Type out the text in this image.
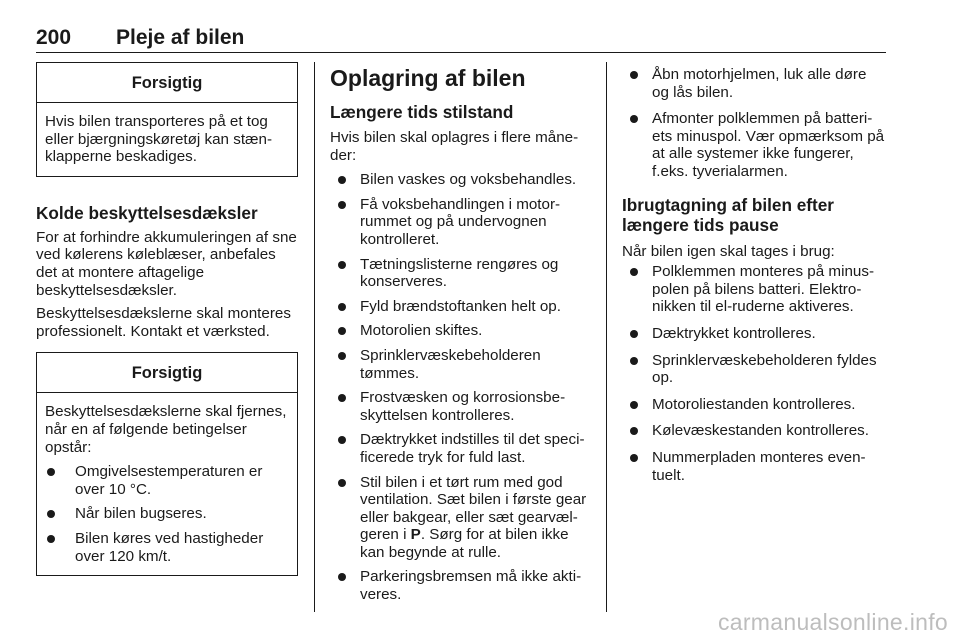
200 Pleje af bilen
Forsigtig

Hvis bilen transporteres på et tog eller bjærgningskøretøj kan stænklapperne beskadiges.

Kolde beskyttelsesdæksler

For at forhindre akkumuleringen af sne ved kølerens køleblæser, anbefales det at montere aftagelige beskyttelsesdæksler.

Beskyttelsesdækslerne skal monteres professionelt. Kontakt et værksted.

Forsigtig

Beskyttelsesdækslerne skal fjernes, når en af følgende betingelser opstår:

Omgivelsestemperaturen er over 10 °C.
Når bilen bugseres.
Bilen køres ved hastigheder over 120 km/t.
Oplagring af bilen
Længere tids stilstand

Hvis bilen skal oplagres i flere måneder:

Bilen vaskes og voksbehandles.
Få voksbehandlingen i motorrummet og på undervognen kontrolleret.
Tætningslisterne rengøres og konserveres.
Fyld brændstoftanken helt op.
Motorolien skiftes.
Sprinklervæskebeholderen tømmes.
Frostvæsken og korrosionsbeskyttelsen kontrolleres.
Dæktrykket indstilles til det specificerede tryk for fuld last.
Stil bilen i et tørt rum med god ventilation. Sæt bilen i første gear eller bakgear, eller sæt gearvælgeren i P. Sørg for at bilen ikke kan begynde at rulle.
Parkeringsbremsen må ikke aktiveres.
Åbn motorhjelmen, luk alle døre og lås bilen.
Afmonter polklemmen på batteriets minuspol. Vær opmærksom på at alle systemer ikke fungerer, f.eks. tyverialarmen.
Ibrugtagning af bilen efter længere tids pause

Når bilen igen skal tages i brug:

Polklemmen monteres på minuspolen på bilens batteri. Elektronikken til el-ruderne aktiveres.
Dæktrykket kontrolleres.
Sprinklervæskebeholderen fyldes op.
Motoroliestanden kontrolleres.
Kølevæskestanden kontrolleres.
Nummerpladen monteres eventuelt.
carmanualsonline.info
